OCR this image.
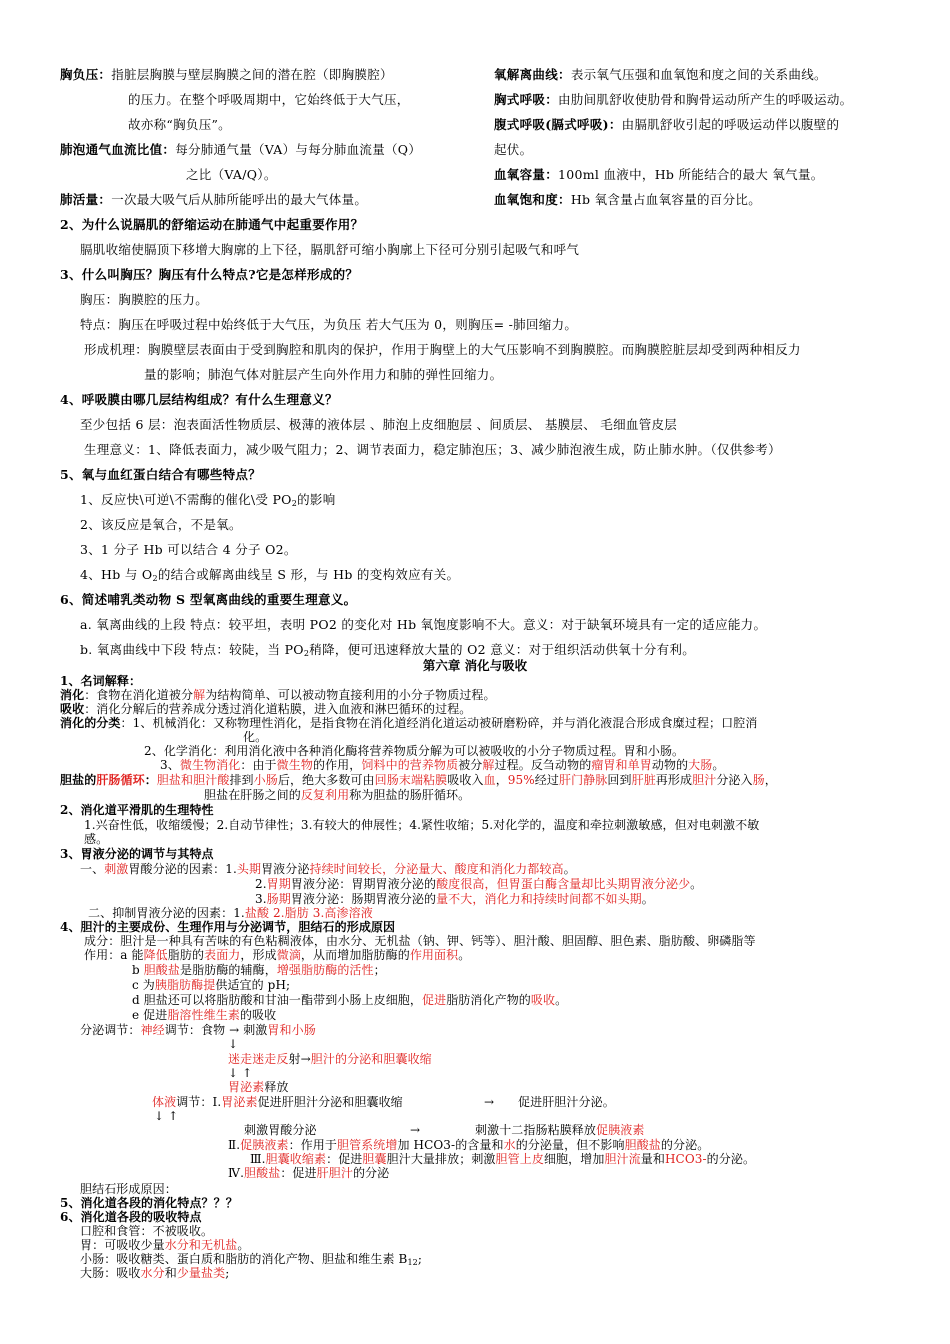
胸负压：指脏层胸膜与壁层胸膜之间的潜在腔（即胸膜腔）
的压力。在整个呼吸周期中，它始终低于大气压，
故亦称“胸负压”。
肺泡通气血流比值：每分肺通气量（VA）与每分肺血流量（Q）
之比（VA/Q）。
肺活量：一次最大吸气后从肺所能呼出的最大气体量。
氧解离曲线：表示氧气压强和血氧饱和度之间的关系曲线。
胸式呼吸：由肋间肌舒收使肋骨和胸骨运动所产生的呼吸运动。
腹式呼吸(膈式呼吸)：由膈肌舒收引起的呼吸运动伴以腹壁的
起伏。
血氧容量：100ml 血液中，Hb 所能结合的最大 氧气量。
血氧饱和度：Hb 氧含量占血氧容量的百分比。
2、为什么说膈肌的舒缩运动在肺通气中起重要作用？
膈肌收缩使膈顶下移增大胸廓的上下径，膈肌舒可缩小胸廓上下径可分别引起吸气和呼气
3、什么叫胸压？胸压有什么特点?它是怎样形成的？
胸压：胸膜腔的压力。
特点：胸压在呼吸过程中始终低于大气压，为负压 若大气压为 0，则胸压= -肺回缩力。
形成机理：胸膜壁层表面由于受到胸腔和肌肉的保护，作用于胸壁上的大气压影响不到胸膜腔。而胸膜腔脏层却受到两种相反力
量的影响；肺泡气体对脏层产生向外作用力和肺的弹性回缩力。
4、呼吸膜由哪几层结构组成？有什么生理意义？
至少包括 6 层：泡表面活性物质层、极薄的液体层 、肺泡上皮细胞层 、间质层、 基膜层、 毛细血管皮层
生理意义：1、降低表面力，减少吸气阻力；2、调节表面力，稳定肺泡压；3、减少肺泡液生成，防止肺水肿。（仅供参考）
5、氧与血红蛋白结合有哪些特点？
1、反应快\可逆\不需酶的催化\受 $PO_2$的影响
2、该反应是氧合，不是氧。
3、1 分子 Hb 可以结合 4 分子 O2。
4、Hb 与 $O_2$的结合或解离曲线呈 S 形，与 Hb 的变构效应有关。
6、简述哺乳类动物 S 型氧离曲线的重要生理意义。
a. 氧离曲线的上段 特点：较平坦，表明 PO2 的变化对 Hb 氧饱度影响不大。意义：对于缺氧环境具有一定的适应能力。
b. 氧离曲线中下段 特点：较陡，当 $PO_2$稍降，便可迅速释放大量的 O2 意义：对于组织活动供氧十分有利。
第六章 消化与吸收
1、名词解释：
消化：食物在消化道被分解为结构简单、可以被动物直接利用的小分子物质过程。
吸收：消化分解后的营养成分透过消化道粘膜，进入血液和淋巴循环的过程。
消化的分类：1、机械消化：又称物理性消化，是指食物在消化道经消化道运动被研磨粉碎，并与消化液混合形成食糜过程；口腔消
化。
2、化学消化：利用消化液中各种消化酶将营养物质分解为可以被吸收的小分子物质过程。胃和小肠。
3、微生物消化：由于微生物的作用，饲料中的营养物质被分解过程。反刍动物的瘤胃和单胃动物的大肠。
胆盐的肝肠循环：胆盐和胆汁酸排到小肠后，绝大多数可由回肠末端粘膜吸收入血，95%经过肝门静脉回到肝脏再形成胆汁分泌入肠，
胆盐在肝肠之间的反复利用称为胆盐的肠肝循环。
2、消化道平滑肌的生理特性
1.兴奋性低，收缩缓慢；2.自动节律性；3.有较大的伸展性；4.紧性收缩；5.对化学的，温度和牵拉刺激敏感，但对电刺激不敏
感。
3、胃液分泌的调节与其特点
一、刺激胃酸分泌的因素：1.头期胃液分泌持续时间较长，分泌量大、酸度和消化力都较高。
2.胃期胃液分泌：胃期胃液分泌的酸度很高，但胃蛋白酶含量却比头期胃液分泌少。
3.肠期胃液分泌：肠期胃液分泌的量不大，消化力和持续时间都不如头期。
二、抑制胃液分泌的因素：1.盐酸 2.脂肪 3.高渗溶液
4、胆汁的主要成份、生理作用与分泌调节，胆结石的形成原因
成分：胆汁是一种具有苦味的有色粘稠液体，由水分、无机盐（钠、钾、钙等）、胆汁酸、胆固醇、胆色素、脂肪酸、卵磷脂等
作用：a 能降低脂肪的表面力，形成微滴，从而增加脂肪酶的作用面积。
b 胆酸盐是脂肪酶的辅酶，增强脂肪酶的活性；
c 为胰脂肪酶提供适宜的 pH;
d 胆盐还可以将脂肪酸和甘油一酯带到小肠上皮细胞，促进脂肪消化产物的吸收。
e 促进脂溶性维生素的吸收
分泌调节：神经调节：食物 → 刺激胃和小肠
↓
迷走迷走反射→胆汁的分泌和胆囊收缩
↓ ↑
胃泌素释放
体液调节：Ⅰ.胃泌素促进肝胆汁分泌和胆囊收缩	→ 促进肝胆汁分泌。
↓ ↑
刺激胃酸分泌	→	刺激十二指肠粘膜释放促胰液素
Ⅱ.促胰液素：作用于胆管系统增加 HCO3-的含量和水的分泌量，但不影响胆酸盐的分泌。
Ⅲ.胆囊收缩素：促进胆囊胆汁大量排放；刺激胆管上皮细胞，增加胆汁流量和HCO3-的分泌。
Ⅳ.胆酸盐：促进肝胆汁的分泌
胆结石形成原因：
5、消化道各段的消化特点？？？
6、消化道各段的吸收特点
口腔和食管：不被吸收。
胃：可吸收少量水分和无机盐。
小肠：吸收糖类、蛋白质和脂肪的消化产物、胆盐和维生素 $B_{12}$;
大肠：吸收水分和少量盐类;
